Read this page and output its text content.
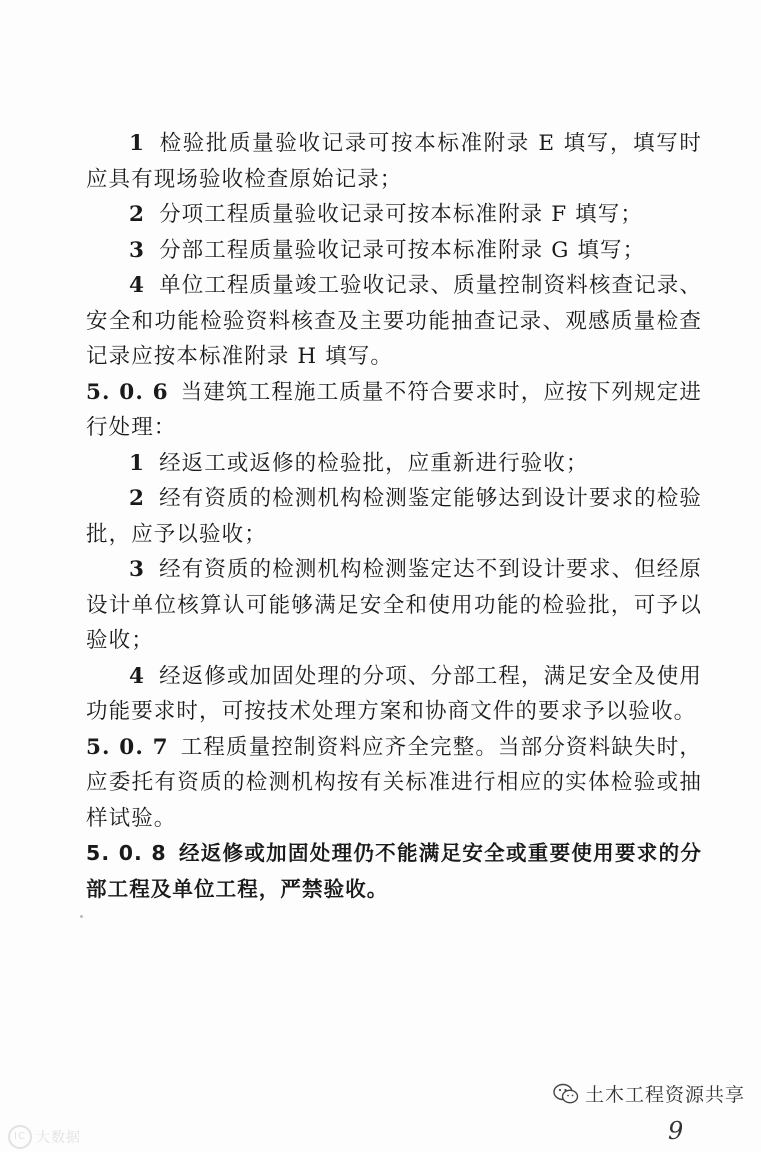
1 检验批质量验收记录可按本标准附录 E 填写，填写时应具有现场验收检查原始记录；

2 分项工程质量验收记录可按本标准附录 F 填写；

3 分部工程质量验收记录可按本标准附录 G 填写；

4 单位工程质量竣工验收记录、质量控制资料核查记录、安全和功能检验资料核查及主要功能抽查记录、观感质量检查记录应按本标准附录 H 填写。

5. 0. 6 当建筑工程施工质量不符合要求时，应按下列规定进行处理：

1 经返工或返修的检验批，应重新进行验收；

2 经有资质的检测机构检测鉴定能够达到设计要求的检验批，应予以验收；

3 经有资质的检测机构检测鉴定达不到设计要求、但经原设计单位核算认可能够满足安全和使用功能的检验批，可予以验收；

4 经返修或加固处理的分项、分部工程，满足安全及使用功能要求时，可按技术处理方案和协商文件的要求予以验收。

5. 0. 7 工程质量控制资料应齐全完整。当部分资料缺失时，应委托有资质的检测机构按有关标准进行相应的实体检验或抽样试验。

5. 0. 8 经返修或加固处理仍不能满足安全或重要使用要求的分部工程及单位工程，严禁验收。

土木工程资源共享
9
IC 大数据
